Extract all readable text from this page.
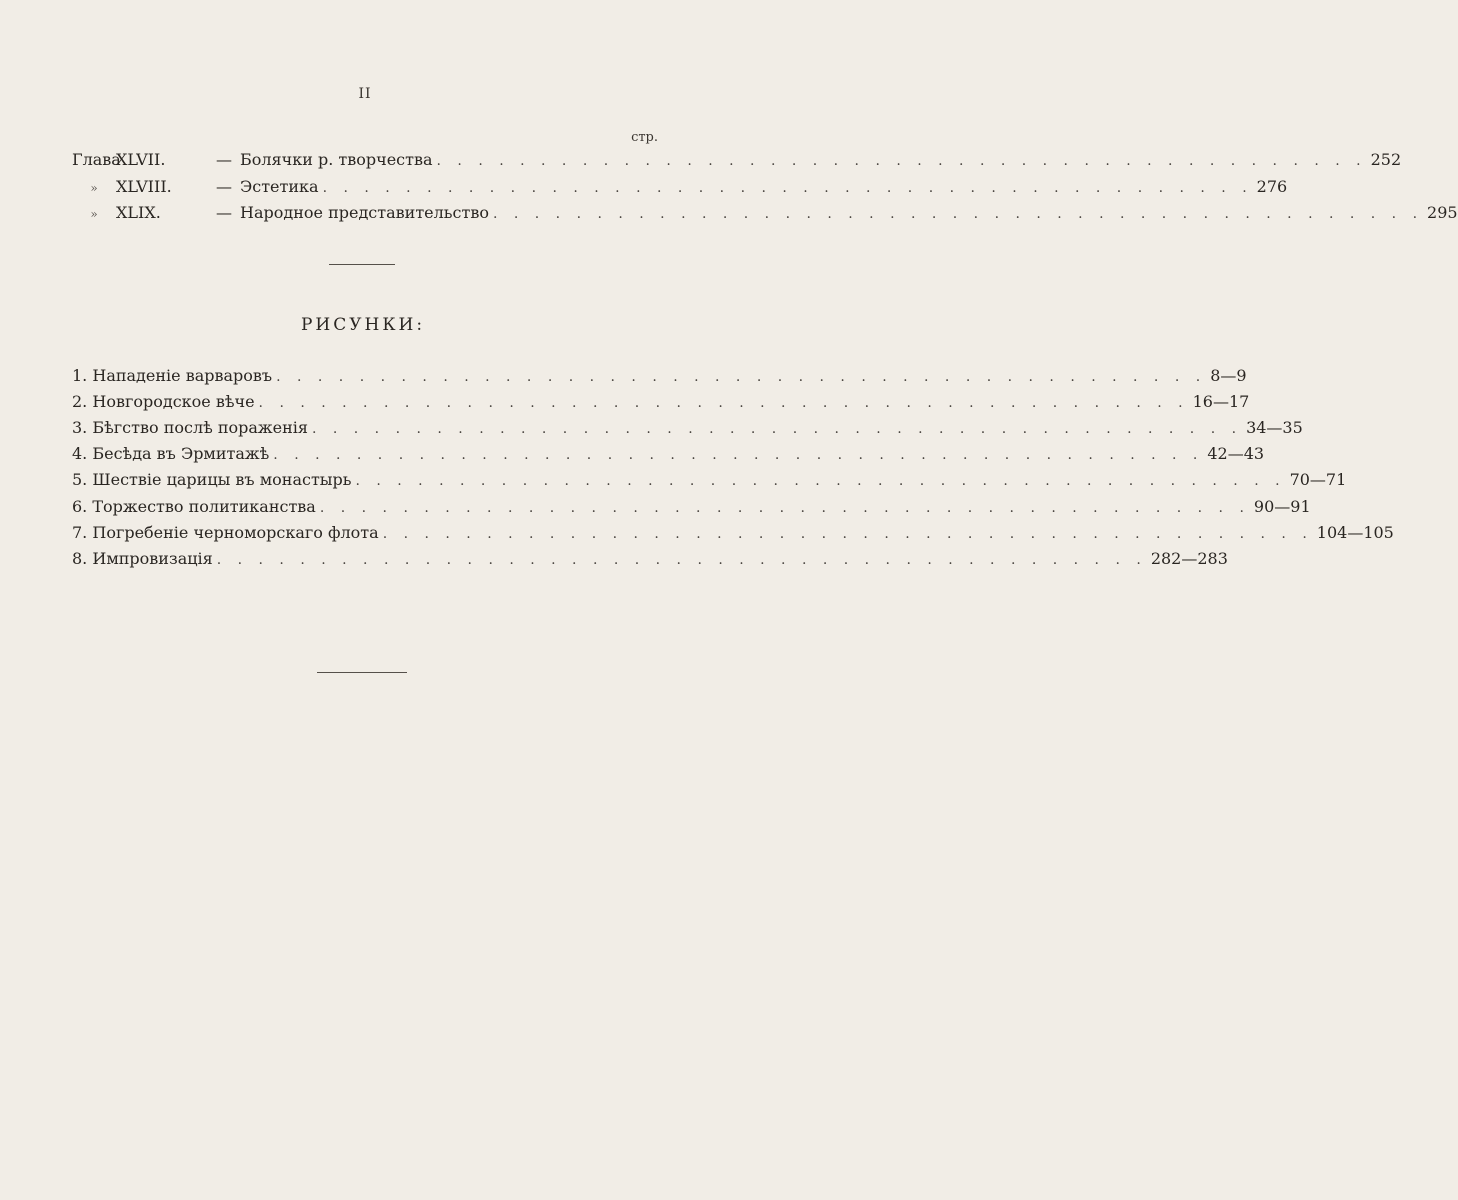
II
стр.
ГлаваXLVII.	— Болячки р. творчества . . . . . . . . . . . . . . . . . . . . . . . . . . . . . . . . . . . . . . . . . . . . . 252
» XLVIII.	— Эстетика . . . . . . . . . . . . . . . . . . . . . . . . . . . . . . . . . . . . . . . . . . . . . 276
» XLIX.	— Народное представительство . . . . . . . . . . . . . . . . . . . . . . . . . . . . . . . . . . . . . . . . . . . . . 295
РИСУНКИ:
1. Нападенiе варваровъ . . . . . . . . . . . . . . . . . . . . . . . . . . . . . . . . . . . . . . . . . . . . . 8—9
2. Новгородское вѣче . . . . . . . . . . . . . . . . . . . . . . . . . . . . . . . . . . . . . . . . . . . . . 16—17
3. Бѣгство послѣ пораженiя . . . . . . . . . . . . . . . . . . . . . . . . . . . . . . . . . . . . . . . . . . . . . 34—35
4. Бесѣда въ Эрмитажѣ . . . . . . . . . . . . . . . . . . . . . . . . . . . . . . . . . . . . . . . . . . . . . 42—43
5. Шествiе царицы въ монастырь . . . . . . . . . . . . . . . . . . . . . . . . . . . . . . . . . . . . . . . . . . . . . 70—71
6. Торжество политиканства . . . . . . . . . . . . . . . . . . . . . . . . . . . . . . . . . . . . . . . . . . . . . 90—91
7. Погребенiе черноморскаго флота . . . . . . . . . . . . . . . . . . . . . . . . . . . . . . . . . . . . . . . . . . . . . 104—105
8. Импровизацiя . . . . . . . . . . . . . . . . . . . . . . . . . . . . . . . . . . . . . . . . . . . . . 282—283
